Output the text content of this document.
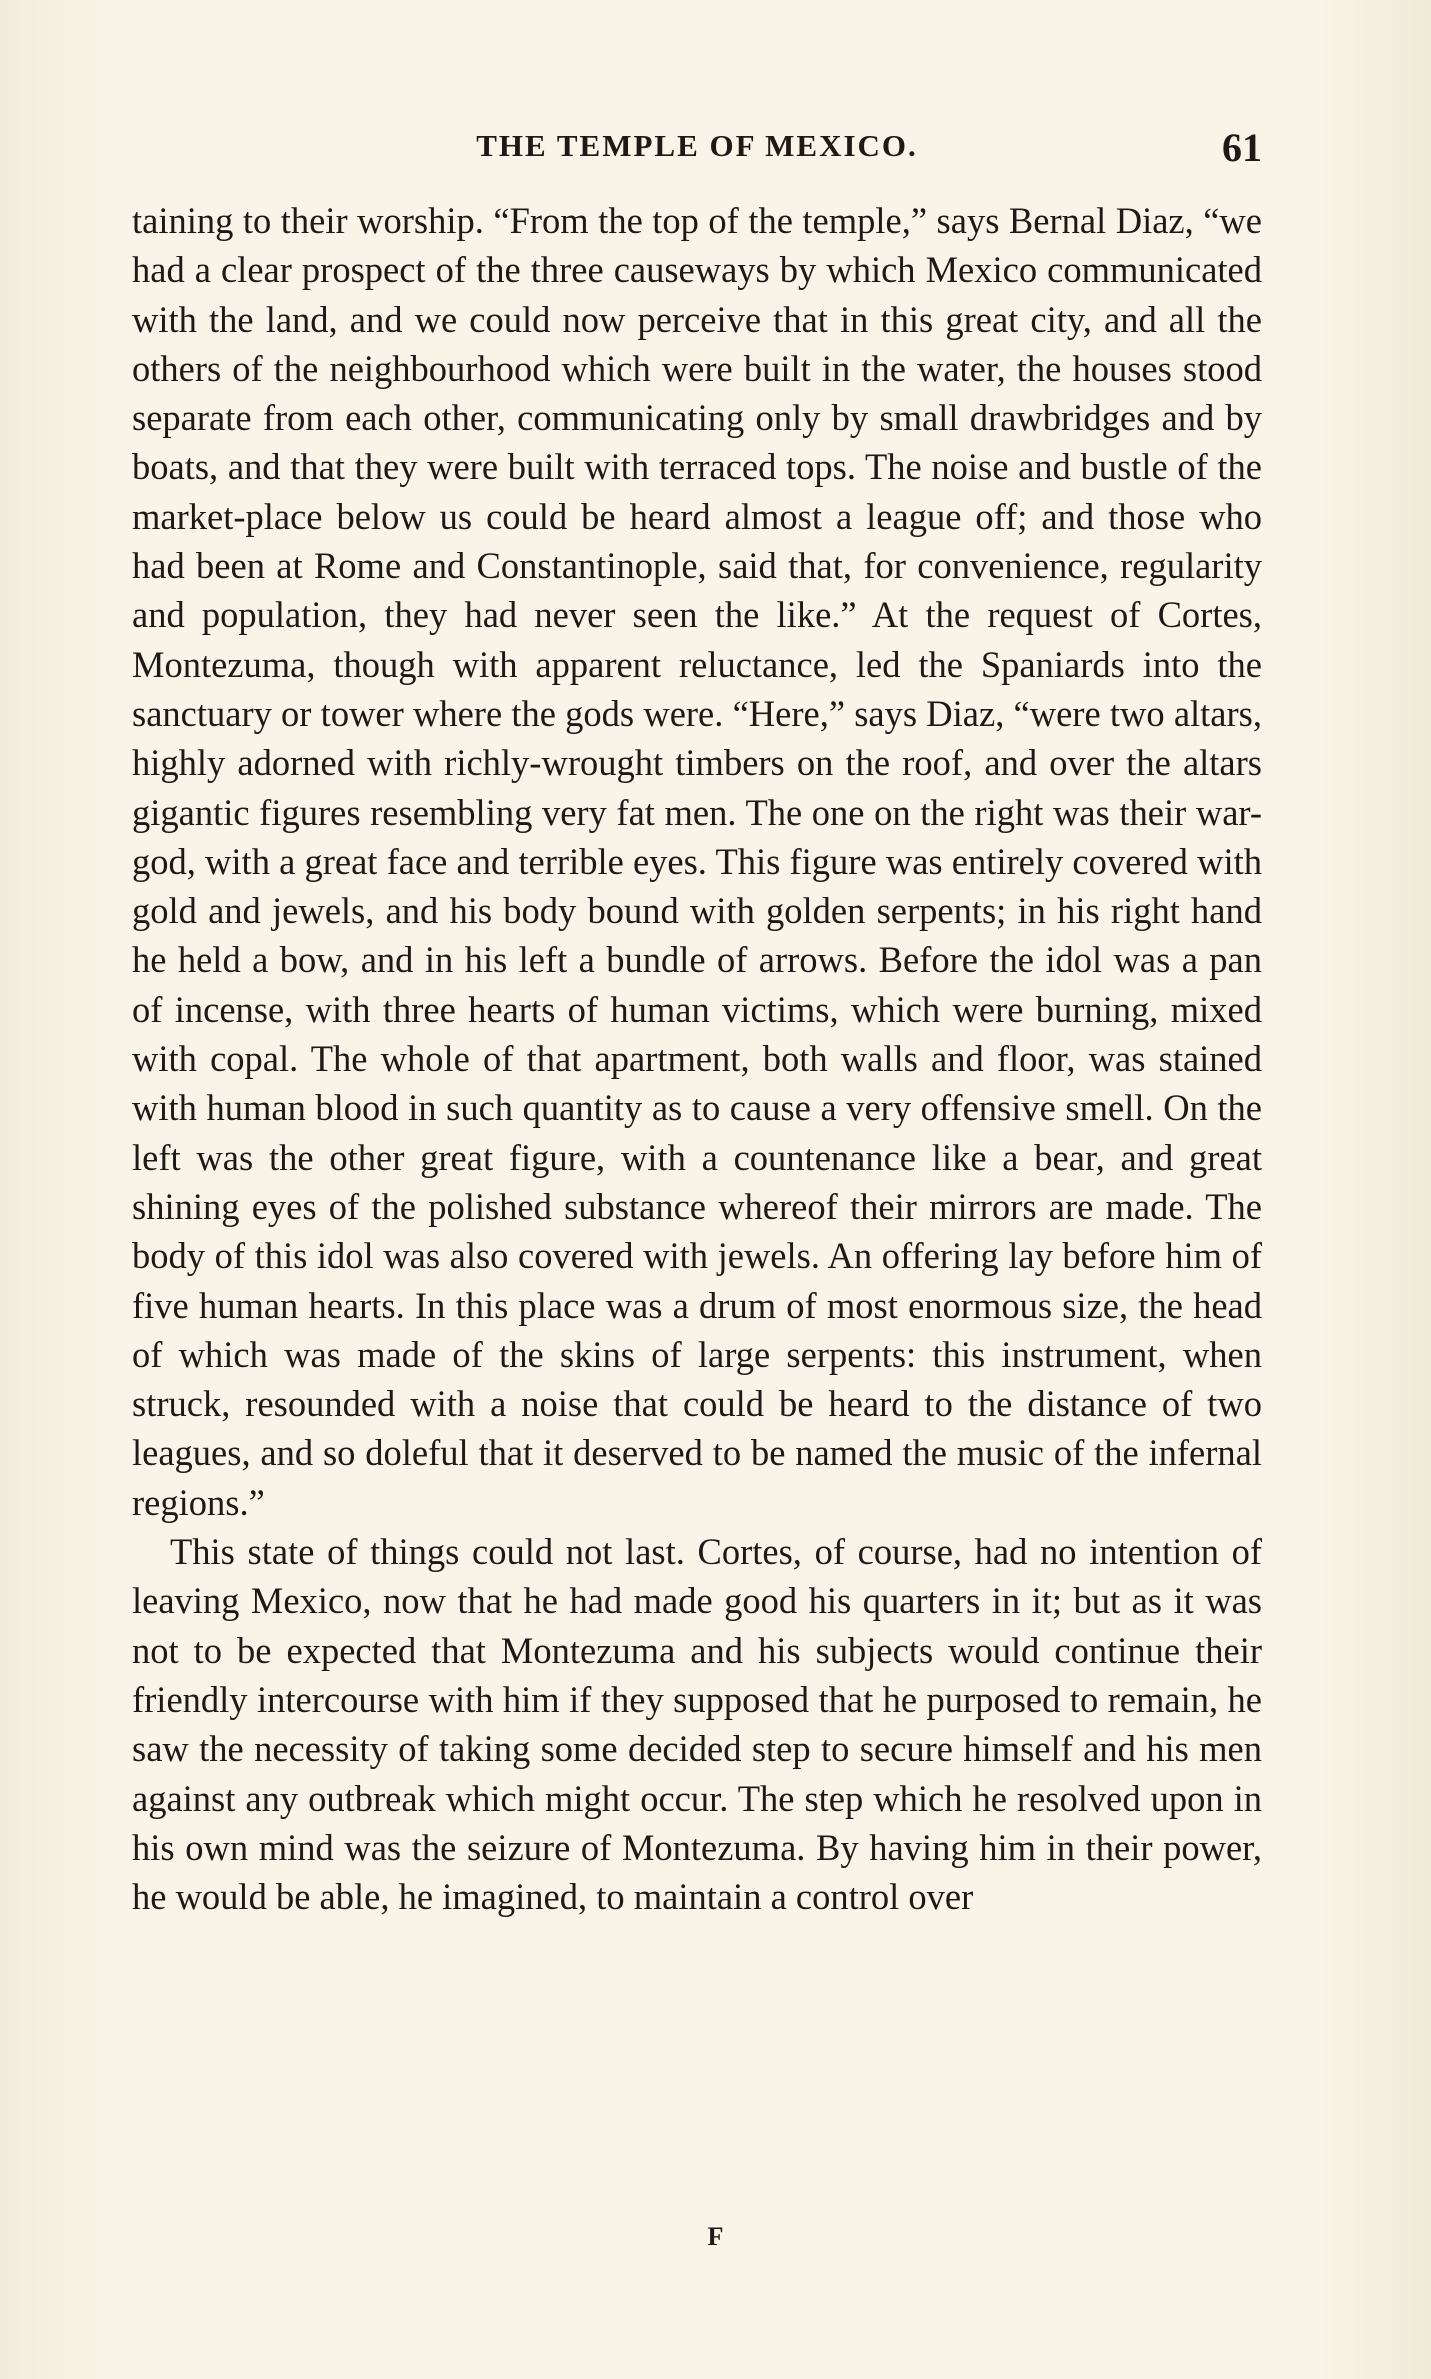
THE TEMPLE OF MEXICO.	61

taining to their worship. “From the top of the temple,” says Bernal Diaz, “we had a clear prospect of the three causeways by which Mexico communicated with the land, and we could now perceive that in this great city, and all the others of the neighbourhood which were built in the water, the houses stood separate from each other, communicating only by small drawbridges and by boats, and that they were built with terraced tops. The noise and bustle of the market-place below us could be heard almost a league off; and those who had been at Rome and Constantinople, said that, for convenience, regularity and population, they had never seen the like.” At the request of Cortes, Montezuma, though with apparent reluctance, led the Spaniards into the sanctuary or tower where the gods were. “Here,” says Diaz, “were two altars, highly adorned with richly-wrought timbers on the roof, and over the altars gigantic figures resembling very fat men. The one on the right was their war-god, with a great face and terrible eyes. This figure was entirely covered with gold and jewels, and his body bound with golden serpents; in his right hand he held a bow, and in his left a bundle of arrows. Before the idol was a pan of incense, with three hearts of human victims, which were burning, mixed with copal. The whole of that apartment, both walls and floor, was stained with human blood in such quantity as to cause a very offensive smell. On the left was the other great figure, with a countenance like a bear, and great shining eyes of the polished substance whereof their mirrors are made. The body of this idol was also covered with jewels. An offering lay before him of five human hearts. In this place was a drum of most enormous size, the head of which was made of the skins of large serpents: this instrument, when struck, resounded with a noise that could be heard to the distance of two leagues, and so doleful that it deserved to be named the music of the infernal regions.”

This state of things could not last. Cortes, of course, had no intention of leaving Mexico, now that he had made good his quarters in it; but as it was not to be expected that Montezuma and his subjects would continue their friendly intercourse with him if they supposed that he purposed to remain, he saw the necessity of taking some decided step to secure himself and his men against any outbreak which might occur. The step which he resolved upon in his own mind was the seizure of Montezuma. By having him in their power, he would be able, he imagined, to maintain a control over

F
